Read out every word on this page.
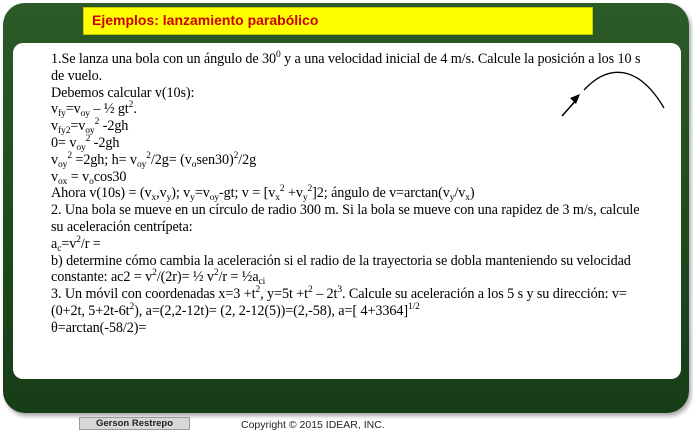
Ejemplos: lanzamiento parabólico
1.Se lanza una bola con un ángulo de $30^0$ y a una velocidad inicial de 4 m/s. Calcule la posición a los 10 s de vuelo.
Debemos calcular v(10s):
$v_{fy}=v_{oy}$ – ½ $gt^2$.
$v_{fy2}=v_{oy}^2$ -2gh
$0= v_{oy}^2$ -2gh
$v_{oy}^2 =2gh$; $h= v_{oy}^2/2g= (v_osen30)^2/2g$
$v_{ox} = v_o\cos 30$
Ahora $v(10s) = (v_x,v_y)$; $v_y=v_{oy}-gt$; $v = [v_x^2 +v_y^2]2$; ángulo de $v=\arctan(v_y/v_x)$
2. Una bola se mueve en un círculo de radio 300 m. Si la bola se mueve con una rapidez de 3 m/s, calcule su aceleración centrípeta:
$a_c=v^2/r$ =
b) determine cómo cambia la aceleración si el radio de la trayectoria se dobla manteniendo su velocidad constante: $ac2 = v^2/(2r)=$ ½ $v^2/r$ = $\frac{1}{2}a_{ci}$
3. Un móvil con coordenadas $x=3 +t^2$, $y=5t +t^2 - 2t^3$. Calcule su aceleración a los 5 s y su dirección: v=(0+2t, $5+2t-6t^2$), a=(2,2-12t)= (2, 2-12(5))=(2,-58), a=[ 4+3364]$^{1/2}$
θ=arctan(-58/2)=
Gerson Restrepo	Copyright © 2015 IDEAR, INC.
